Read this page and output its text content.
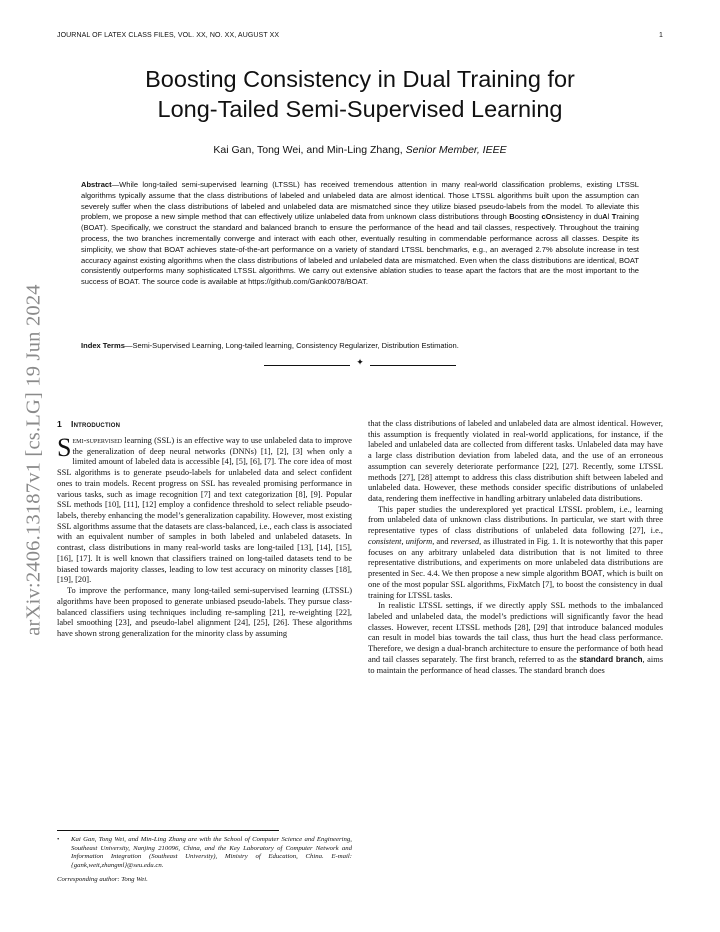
JOURNAL OF LATEX CLASS FILES, VOL. XX, NO. XX, AUGUST XX	1
arXiv:2406.13187v1 [cs.LG] 19 Jun 2024
Boosting Consistency in Dual Training for
Long-Tailed Semi-Supervised Learning
Kai Gan, Tong Wei, and Min-Ling Zhang, Senior Member, IEEE

Abstract—While long-tailed semi-supervised learning (LTSSL) has received tremendous attention in many real-world classification problems, existing LTSSL algorithms typically assume that the class distributions of labeled and unlabeled data are almost identical. Those LTSSL algorithms built upon the assumption can severely suffer when the class distributions of labeled and unlabeled data are mismatched since they utilize biased pseudo-labels from the model. To alleviate this problem, we propose a new simple method that can effectively utilize unlabeled data from unknown class distributions through Boosting cOnsistency in duAl Training (BOAT). Specifically, we construct the standard and balanced branch to ensure the performance of the head and tail classes, respectively. Throughout the training process, the two branches incrementally converge and interact with each other, eventually resulting in commendable performance across all classes. Despite its simplicity, we show that BOAT achieves state-of-the-art performance on a variety of standard LTSSL benchmarks, e.g., an averaged 2.7% absolute increase in test accuracy against existing algorithms when the class distributions of labeled and unlabeled data are mismatched. Even when the class distributions are identical, BOAT consistently outperforms many sophisticated LTSSL algorithms. We carry out extensive ablation studies to tease apart the factors that are the most important to the success of BOAT. The source code is available at https://github.com/Gank0078/BOAT.

Index Terms—Semi-Supervised Learning, Long-tailed learning, Consistency Regularizer, Distribution Estimation.

✦
1 Introduction

Semi-supervised learning (SSL) is an effective way to use unlabeled data to improve the generalization of deep neural networks (DNNs) [1], [2], [3] when only a limited amount of labeled data is accessible [4], [5], [6], [7]. The core idea of most SSL algorithms is to generate pseudo-labels for unlabeled data and select confident ones to train models. Recent progress on SSL has revealed promising performance in various tasks, such as image recognition [7] and text categorization [8], [9]. Popular SSL methods [10], [11], [12] employ a confidence threshold to select reliable pseudo-labels, thereby enhancing the model’s generalization capability. However, most existing SSL algorithms assume that the datasets are class-balanced, i.e., each class is associated with an equivalent number of samples in both labeled and unlabeled datasets. In contrast, class distributions in many real-world tasks are long-tailed [13], [14], [15], [16], [17]. It is well known that classifiers trained on long-tailed datasets tend to be biased towards majority classes, leading to low test accuracy on minority classes [18], [19], [20].

To improve the performance, many long-tailed semi-supervised learning (LTSSL) algorithms have been proposed to generate unbiased pseudo-labels. They pursue class-balanced classifiers using techniques including re-sampling [21], re-weighting [22], label smoothing [23], and pseudo-label alignment [24], [25], [26]. These algorithms have shown strong generalization for the minority class by assuming

that the class distributions of labeled and unlabeled data are almost identical. However, this assumption is frequently violated in real-world applications, for instance, if the labeled and unlabeled data are collected from different tasks. Unlabeled data may have a large class distribution deviation from labeled data, and the use of an erroneous assumption can severely deteriorate performance [22], [27]. Recently, some LTSSL methods [27], [28] attempt to address this class distribution shift between labeled and unlabeled data. However, these methods consider specific distributions of unlabeled data, rendering them ineffective in handling arbitrary unlabeled data distributions.

This paper studies the underexplored yet practical LTSSL problem, i.e., learning from unlabeled data of unknown class distributions. In particular, we start with three representative types of class distributions of unlabeled data following [27], i.e., consistent, uniform, and reversed, as illustrated in Fig. 1. It is noteworthy that this paper focuses on any arbitrary unlabeled data distribution that is not limited to three representative distributions, and experiments on more unlabeled data distributions are presented in Sec. 4.4. We then propose a new simple algorithm BOAT, which is built on one of the most popular SSL algorithms, FixMatch [7], to boost the consistency in dual training for LTSSL tasks.

In realistic LTSSL settings, if we directly apply SSL methods to the imbalanced labeled and unlabeled data, the model’s predictions will significantly favor the head classes. However, recent LTSSL methods [28], [29] that introduce balanced modules can result in model bias towards the tail class, thus hurt the head class performance. Therefore, we design a dual-branch architecture to ensure the performance of both head and tail classes separately. The first branch, referred to as the standard branch, aims to maintain the performance of head classes. The standard branch does

•	Kai Gan, Tong Wei, and Min-Ling Zhang are with the School of Computer Science and Engineering, Southeast University, Nanjing 210096, China, and the Key Laboratory of Computer Network and Information Integration (Southeast University), Ministry of Education, China. E-mail: {gank,weit,zhangml}@seu.edu.cn.

Corresponding author: Tong Wei.
